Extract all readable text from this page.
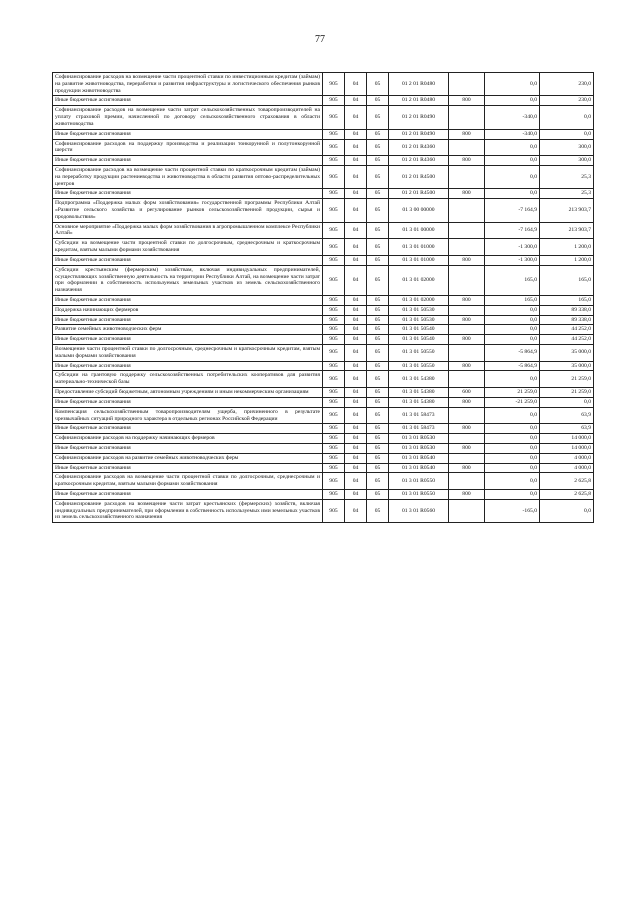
77
Софинансирование расходов на возмещение части процентной ставки по инвестиционным кредитам (займам) на развитие животноводства, переработки и развития инфраструктуры и логистического обеспечения рынков продукции животноводства	905	04	05	01 2 01 R0480		0,0	230,0
Иные бюджетные ассигнования	905	04	05	01 2 01 R0480	800	0,0	230,0
Софинансирование расходов на возмещение части затрат сельскохозяйственных товаропроизводителей на уплату страховой премии, начисленной по договору сельскохозяйственного страхования в области животноводства	905	04	05	01 2 01 R0490		-340,0	0,0
Иные бюджетные ассигнования	905	04	05	01 2 01 R0490	800	-340,0	0,0
Софинансирование расходов на поддержку производства и реализации тонкорунной и полутонкорунной шерсти	905	04	05	01 2 01 R4360		0,0	300,0
Иные бюджетные ассигнования	905	04	05	01 2 01 R4360	800	0,0	300,0
Софинансирование расходов на возмещение части процентной ставки по краткосрочным кредитам (займам) на переработку продукции растениеводства и животноводства в области развития оптово-распределительных центров	905	04	05	01 2 01 R4500		0,0	25,3
Иные бюджетные ассигнования	905	04	05	01 2 01 R4500	800	0,0	25,3
Подпрограмма «Поддержка малых форм хозяйствования» государственной программы Республики Алтай «Развитие сельского хозяйства и регулирование рынков сельскохозяйственной продукции, сырья и продовольствия»	905	04	05	01 3 00 00000		-7 164,9	213 903,7
Основное мероприятие «Поддержка малых форм хозяйствования в агропромышленном комплексе Республики Алтай»	905	04	05	01 3 01 00000		-7 164,9	213 903,7
Субсидии на возмещение части процентной ставки по долгосрочным, среднесрочным и краткосрочным кредитам, взятым малыми формами хозяйствования	905	04	05	01 3 01 01000		-1 300,0	1 200,0
Иные бюджетные ассигнования	905	04	05	01 3 01 01000	800	-1 300,0	1 200,0
Субсидии крестьянским (фермерским) хозяйствам, включая индивидуальных предпринимателей, осуществляющих хозяйственную деятельность на территории Республики Алтай, на возмещение части затрат при оформлении в собственность используемых земельных участков из земель сельскохозяйственного назначения	905	04	05	01 3 01 02000		165,0	165,0
Иные бюджетные ассигнования	905	04	05	01 3 01 02000	800	165,0	165,0
Поддержка начинающих фермеров	905	04	05	01 3 01 50530		0,0	89 338,0
Иные бюджетные ассигнования	905	04	05	01 3 01 50530	800	0,0	89 338,0
Развитие семейных животноводческих ферм	905	04	05	01 3 01 50540		0,0	44 252,0
Иные бюджетные ассигнования	905	04	05	01 3 01 50540	800	0,0	44 252,0
Возмещение части процентной ставки по долгосрочным, среднесрочным и краткосрочным кредитам, взятым малыми формами хозяйствования	905	04	05	01 3 01 50550		-5 864,9	35 000,0
Иные бюджетные ассигнования	905	04	05	01 3 01 50550	800	-5 864,9	35 000,0
Субсидии на грантовую поддержку сельскохозяйственных потребительских кооперативов для развития материально-технической базы	905	04	05	01 3 01 54380		0,0	21 259,0
Предоставление субсидий бюджетным, автономным учреждениям и иным некоммерческим организациям	905	04	05	01 3 01 54380	600	21 259,0	21 259,0
Иные бюджетные ассигнования	905	04	05	01 3 01 54380	800	-21 259,0	0,0
Компенсация сельскохозяйственным товаропроизводителям ущерба, причиненного в результате чрезвычайных ситуаций природного характера в отдельных регионах Российской Федерации	905	04	05	01 3 01 58473		0,0	63,9
Иные бюджетные ассигнования	905	04	05	01 3 01 58473	800	0,0	63,9
Софинансирование расходов на поддержку начинающих фермеров	905	04	05	01 3 01 R0530		0,0	14 000,0
Иные бюджетные ассигнования	905	04	05	01 3 01 R0530	800	0,0	14 000,0
Софинансирование расходов на развитие семейных животноводческих ферм	905	04	05	01 3 01 R0540		0,0	4 000,0
Иные бюджетные ассигнования	905	04	05	01 3 01 R0540	800	0,0	4 000,0
Софинансирование расходов на возмещение части процентной ставки по долгосрочным, среднесрочным и краткосрочным кредитам, взятым малыми формами хозяйствования	905	04	05	01 3 01 R0550		0,0	2 625,8
Иные бюджетные ассигнования	905	04	05	01 3 01 R0550	800	0,0	2 625,8
Софинансирование расходов на возмещение части затрат крестьянских (фермерских) хозяйств, включая индивидуальных предпринимателей, при оформлении в собственность используемых ими земельных участков из земель сельскохозяйственного назначения	905	04	05	01 3 01 R0560		-165,0	0,0
